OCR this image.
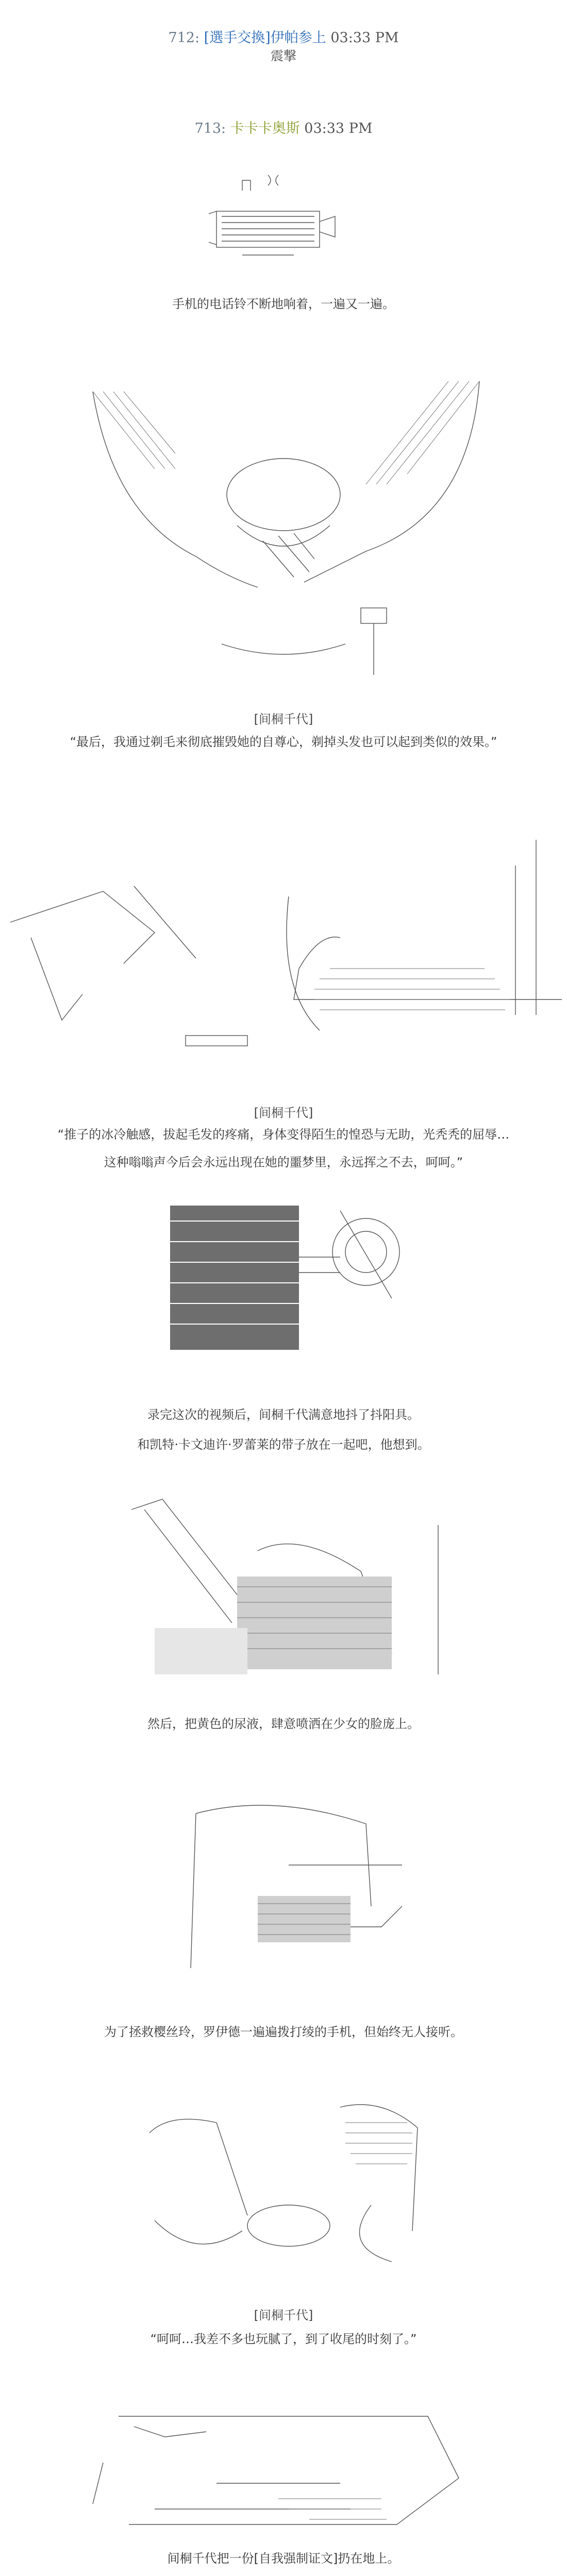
712: [選手交換]伊帕参上 03:33 PM
震撃
713: 卡卡卡奥斯 03:33 PM
手机的电话铃不断地响着，一遍又一遍。
[间桐千代]
“最后，我通过剃毛来彻底摧毁她的自尊心，剃掉头发也可以起到类似的效果。”
[间桐千代]
“推子的冰冷触感，拔起毛发的疼痛，身体变得陌生的惶恐与无助，光秃秃的屈辱…
这种嗡嗡声今后会永远出现在她的噩梦里，永远挥之不去，呵呵。”
录完这次的视频后，间桐千代满意地抖了抖阳具。
和凯特·卡文迪许·罗蕾莱的带子放在一起吧，他想到。
然后，把黄色的尿液，肆意喷洒在少女的脸庞上。
为了拯救樱丝玲，罗伊德一遍遍拨打绫的手机，但始终无人接听。
[间桐千代]
“呵呵…我差不多也玩腻了，到了收尾的时刻了。”
间桐千代把一份[自我强制证文]扔在地上。
